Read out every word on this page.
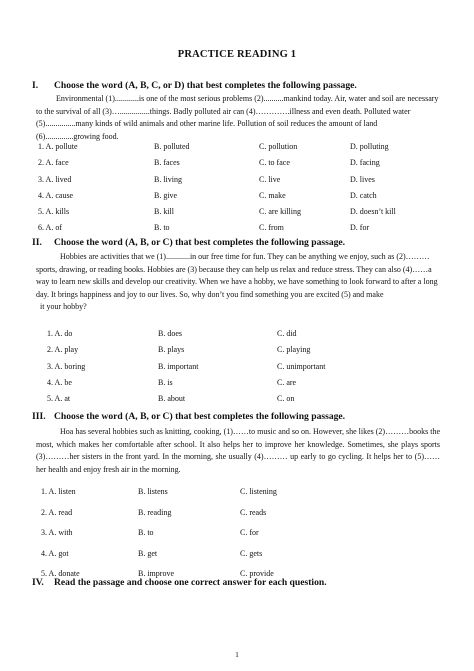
PRACTICE READING 1
I. Choose the word (A, B, C, or D) that best completes the following passage.

Environmental (1)............is one of the most serious problems (2)..........mankind today. Air, water and soil are necessary to the survival of all (3)…...............things. Badly polluted air can (4)………….illness and even death. Polluted water (5)...............many kinds of wild animals and other marine life. Pollution of soil reduces the amount of land (6)..............growing food.

1. A. pollute	B. polluted	C. pollution	D. polluting
2. A. face	B. faces	C. to face	D. facing
3. A. lived	B. living	C. live	D. lives
4. A. cause	B. give	C. make	D. catch
5. A. kills	B. kill	C. are killing	D. doesn’t kill
6. A. of	B. to	C. from	D. for
II. Choose the word (A, B, or C) that best completes the following passage.

Hobbies are activities that we (1)............in our free time for fun. They can be anything we enjoy, such as (2)……… sports, drawing, or reading books. Hobbies are (3) because they can help us relax and reduce stress. They can also (4)……a way to learn new skills and develop our creativity. When we have a hobby, we have something to look forward to after a long day. It brings happiness and joy to our lives. So, why don’t you find something you are excited (5) and make

it your hobby?

1. A. do	B. does	C. did
2. A. play	B. plays	C. playing
3. A. boring	B. important	C. unimportant
4. A. be	B. is	C. are
5. A. at	B. about	C. on
III. Choose the word (A, B, or C) that best completes the following passage.

Hoa has several hobbies such as knitting, cooking, (1)……to music and so on. However, she likes (2)………books the most, which makes her comfortable after school. It also helps her to improve her knowledge. Sometimes, she plays sports (3)………her sisters in the front yard. In the morning, she usually (4)……… up early to go cycling. It helps her to (5)…… her health and enjoy fresh air in the morning.

1. A. listen	B. listens	C. listening
2. A. read	B. reading	C. reads
3. A. with	B. to	C. for
4. A. got	B. get	C. gets
5. A. donate	B. improve	C. provide
IV. Read the passage and choose one correct answer for each question.
1
